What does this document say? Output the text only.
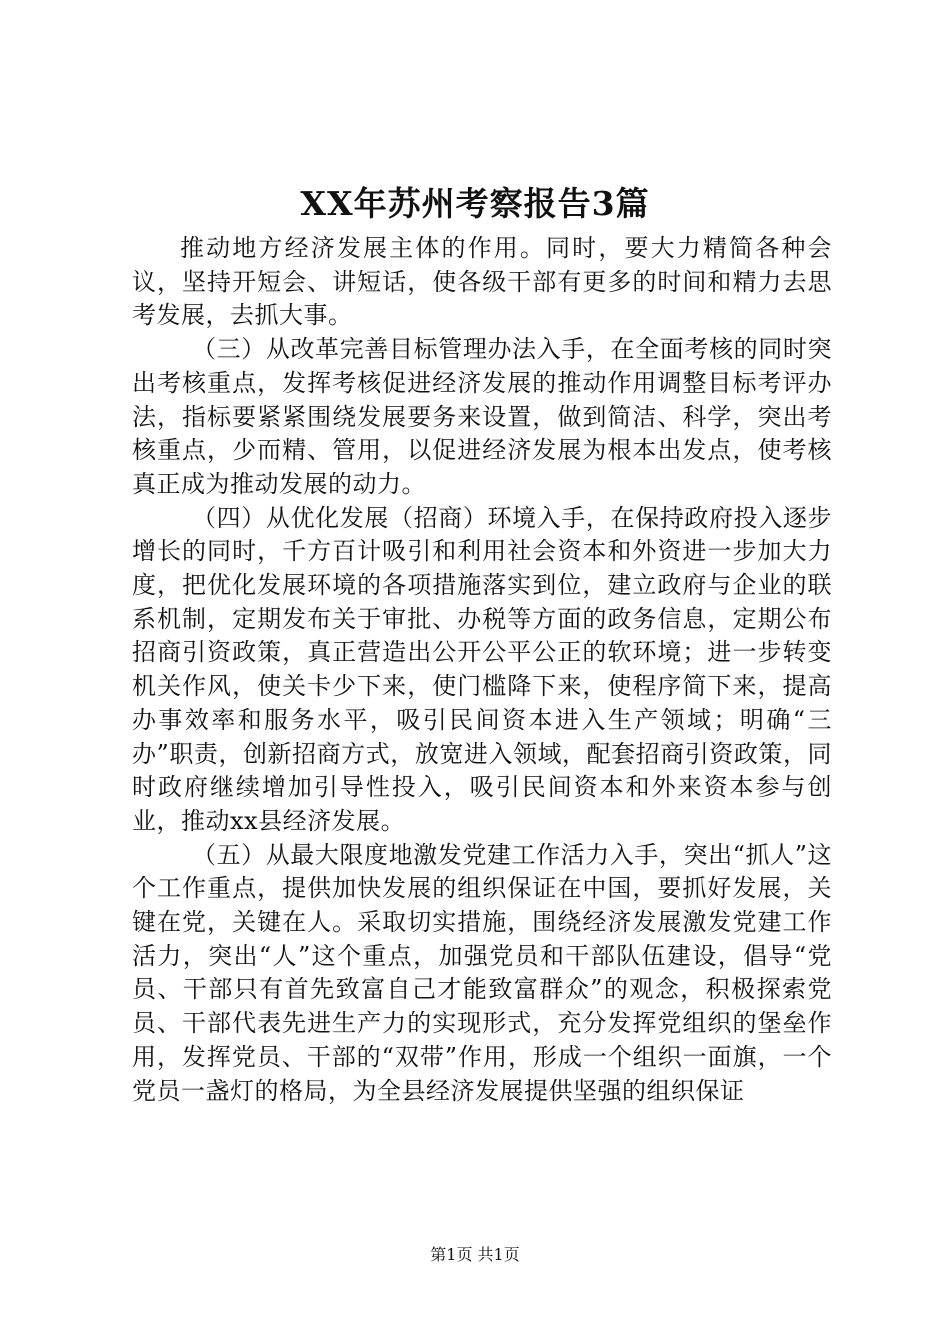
XX年苏州考察报告3篇

推动地方经济发展主体的作用。同时，要大力精简各种会议，坚持开短会、讲短话，使各级干部有更多的时间和精力去思考发展，去抓大事。

（三）从改革完善目标管理办法入手，在全面考核的同时突出考核重点，发挥考核促进经济发展的推动作用调整目标考评办法，指标要紧紧围绕发展要务来设置，做到简洁、科学，突出考核重点，少而精、管用，以促进经济发展为根本出发点，使考核真正成为推动发展的动力。

（四）从优化发展（招商）环境入手，在保持政府投入逐步增长的同时，千方百计吸引和利用社会资本和外资进一步加大力度，把优化发展环境的各项措施落实到位，建立政府与企业的联系机制，定期发布关于审批、办税等方面的政务信息，定期公布招商引资政策，真正营造出公开公平公正的软环境；进一步转变机关作风，使关卡少下来，使门槛降下来，使程序简下来，提高办事效率和服务水平，吸引民间资本进入生产领域；明确“三办”职责，创新招商方式，放宽进入领域，配套招商引资政策，同时政府继续增加引导性投入，吸引民间资本和外来资本参与创业，推动xx县经济发展。

（五）从最大限度地激发党建工作活力入手，突出“抓人”这个工作重点，提供加快发展的组织保证在中国，要抓好发展，关键在党，关键在人。采取切实措施，围绕经济发展激发党建工作活力，突出“人”这个重点，加强党员和干部队伍建设，倡导“党员、干部只有首先致富自己才能致富群众”的观念，积极探索党员、干部代表先进生产力的实现形式，充分发挥党组织的堡垒作用，发挥党员、干部的“双带”作用，形成一个组织一面旗，一个党员一盏灯的格局，为全县经济发展提供坚强的组织保证

第1页 共1页
